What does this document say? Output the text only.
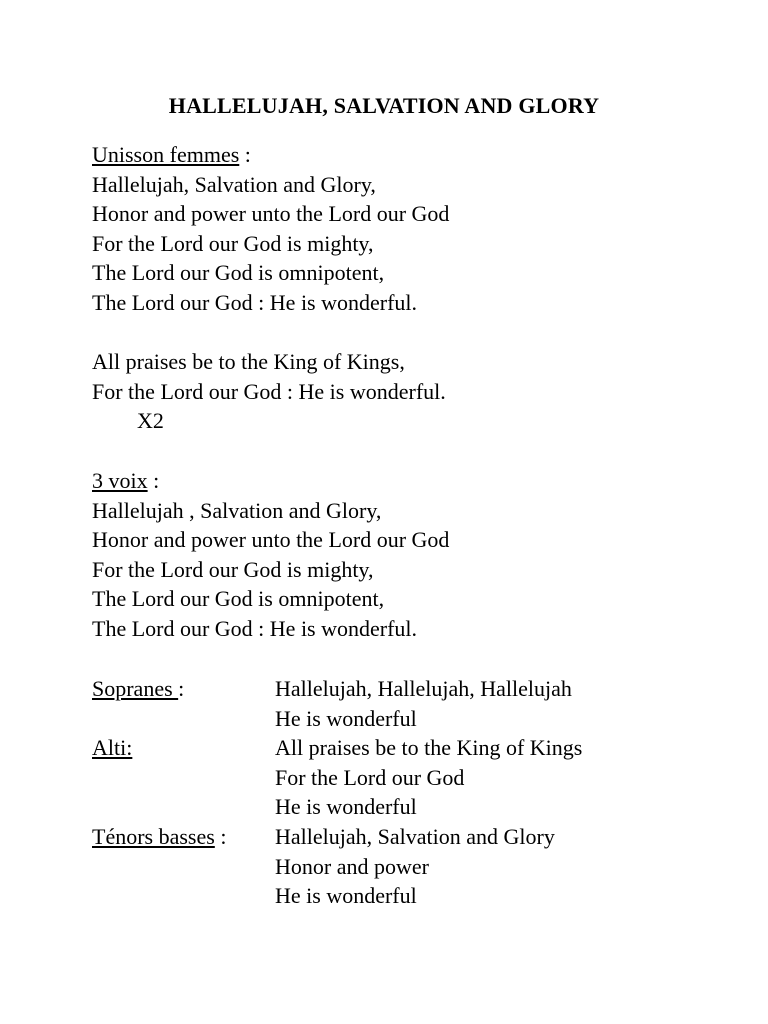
HALLELUJAH, SALVATION AND GLORY
Unisson femmes :
Hallelujah, Salvation and Glory,
Honor and power unto the Lord our God
For the Lord our God is mighty,
The Lord our God is omnipotent,
The Lord our God : He is wonderful.
All praises be to the King of Kings,
For the Lord our God : He is wonderful.
X2
3 voix :
Hallelujah , Salvation and Glory,
Honor and power unto the Lord our God
For the Lord our God is mighty,
The Lord our God is omnipotent,
The Lord our God : He is wonderful.
Sopranes :	Hallelujah, Hallelujah, Hallelujah
He is wonderful
Alti:	All praises be to the King of Kings
For the Lord our God
He is wonderful
Ténors basses :	Hallelujah, Salvation and Glory
Honor and power
He is wonderful
